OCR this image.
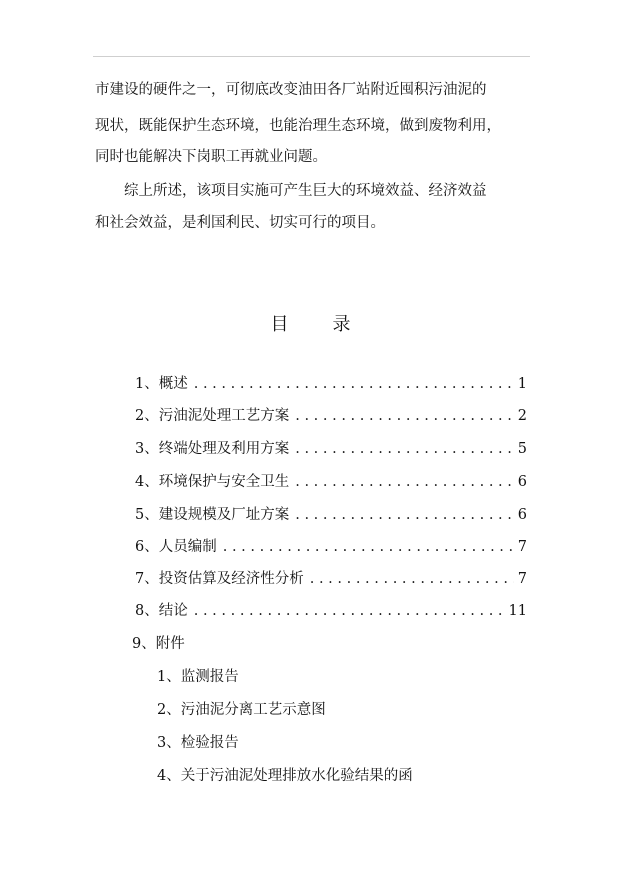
市建设的硬件之一，可彻底改变油田各厂站附近囤积污油泥的
现状，既能保护生态环境，也能治理生态环境，做到废物利用，
同时也能解决下岗职工再就业问题。
综上所述，该项目实施可产生巨大的环境效益、经济效益
和社会效益，是利国利民、切实可行的项目。
目 录
1、 概述 . . .	1
2、 污油泥处理工艺方案 . . .	2
3、 终端处理及利用方案 . . .	5
4、 环境保护与安全卫生 . . .	6
5、 建设规模及厂址方案 . . .	6
6、 人员编制 . . .	7
7、 投资估算及经济性分析 . . .	7
8、 结论 . . .	11
9、 附件
1、监测报告
2、污油泥分离工艺示意图
3、检验报告
4、关于污油泥处理排放水化验结果的函
